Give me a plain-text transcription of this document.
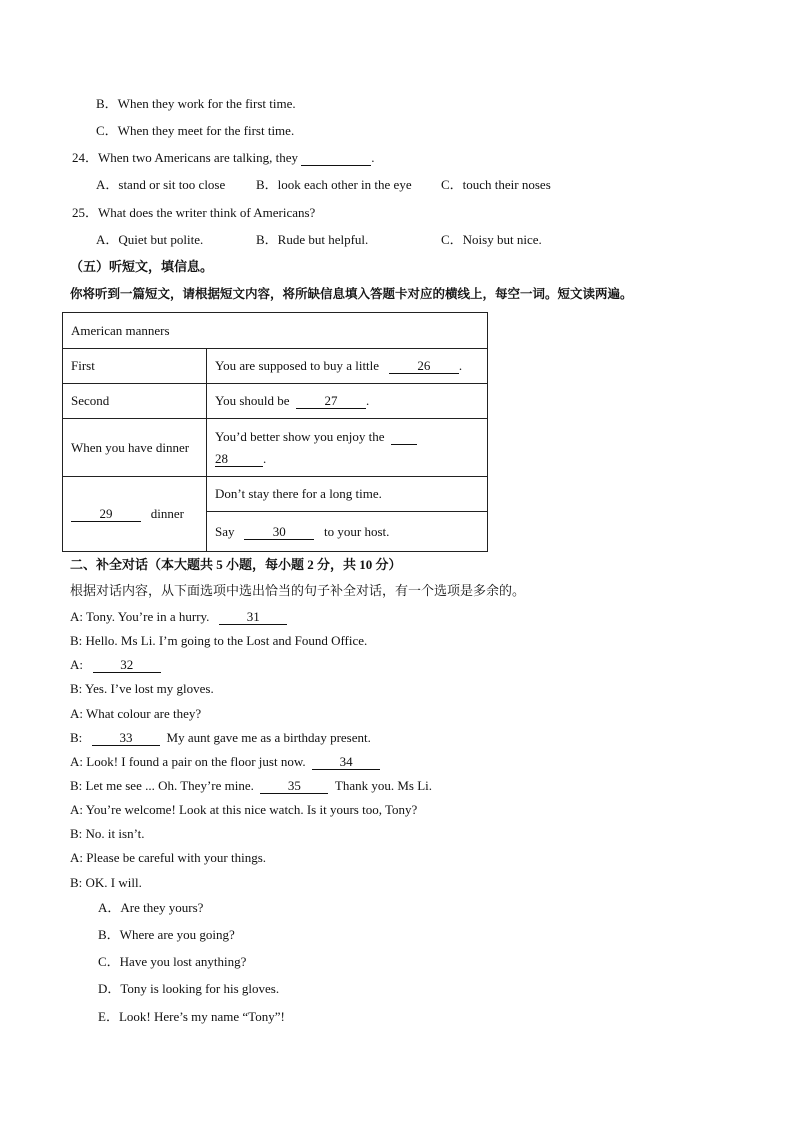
B．When they work for the first time.
C．When they meet for the first time.
24．When two Americans are talking, they	.
A．stand or sit too close B．look each other in the eye C．touch their noses
25．What does the writer think of Americans?
A．Quiet but polite.	B．Rude but helpful.	C．Noisy but nice.
（五）听短文，填信息。
你将听到一篇短文，请根据短文内容，将所缺信息填入答题卡对应的横线上，每空一词。短文读两遍。
American manners	
First	You are supposed to buy a little 26 .
Second	You should be 27 .
When you have dinner	You’d better show you enjoy the
28 .
29 dinner	Don’t stay there for a long time.
	Say 30 to your host.
二、补全对话（本大题共 5 小题，每小题 2 分，共 10 分）
根据对话内容，从下面选项中选出恰当的句子补全对话，有一个选项是多余的。
A: Tony. You’re in a hurry.	31
B: Hello. Ms Li. I’m going to the Lost and Found Office.
A:	32
B: Yes. I’ve lost my gloves.
A: What colour are they?
B:	33	My aunt gave me as a birthday present.
A: Look! I found a pair on the floor just now.	34
B: Let me see ... Oh. They’re mine.	35	Thank you. Ms Li.
A: You’re welcome! Look at this nice watch. Is it yours too, Tony?
B: No. it isn’t.
A: Please be careful with your things.
B: OK. I will.
A．Are they yours?
B．Where are you going?
C．Have you lost anything?
D．Tony is looking for his gloves.
E．Look! Here’s my name “Tony”!
